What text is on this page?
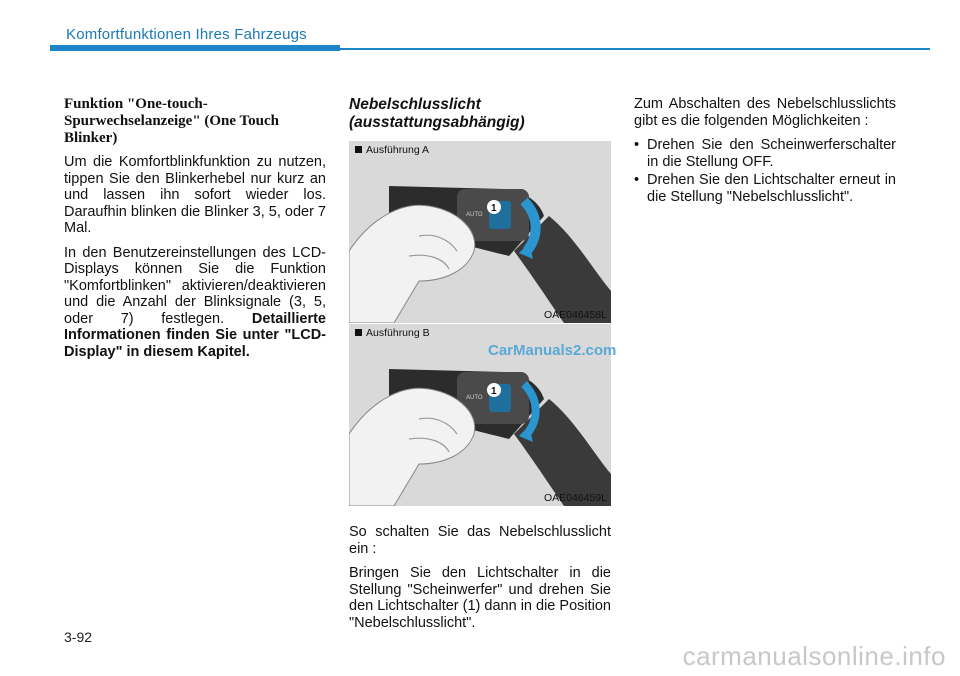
Komfortfunktionen Ihres Fahrzeugs
Funktion "One-touch-Spurwechselanzeige" (One Touch Blinker)

Um die Komfortblinkfunktion zu nutzen, tippen Sie den Blinkerhebel nur kurz an und lassen ihn sofort wieder los. Daraufhin blinken die Blinker 3, 5, oder 7 Mal.

In den Benutzereinstellungen des LCD-Displays können Sie die Funktion "Komfortblinken" aktivieren/deaktivieren und die Anzahl der Blinksignale (3, 5, oder 7) festlegen. Detaillierte Informationen finden Sie unter "LCD-Display" in diesem Kapitel.

Nebelschlusslicht
(ausstattungsabhängig)
AUTO
1
Ausführung A
OAE046458L
AUTO
1
Ausführung B
OAE046459L
CarManuals2.com

So schalten Sie das Nebelschlusslicht ein :

Bringen Sie den Lichtschalter in die Stellung "Scheinwerfer" und drehen Sie den Lichtschalter (1) dann in die Position "Nebelschlusslicht".

Zum Abschalten des Nebelschlusslichts gibt es die folgenden Möglichkeiten :

• Drehen Sie den Scheinwerferschalter in die Stellung OFF.
• Drehen Sie den Lichtschalter erneut in die Stellung "Nebelschlusslicht".
3-92
carmanualsonline.info
